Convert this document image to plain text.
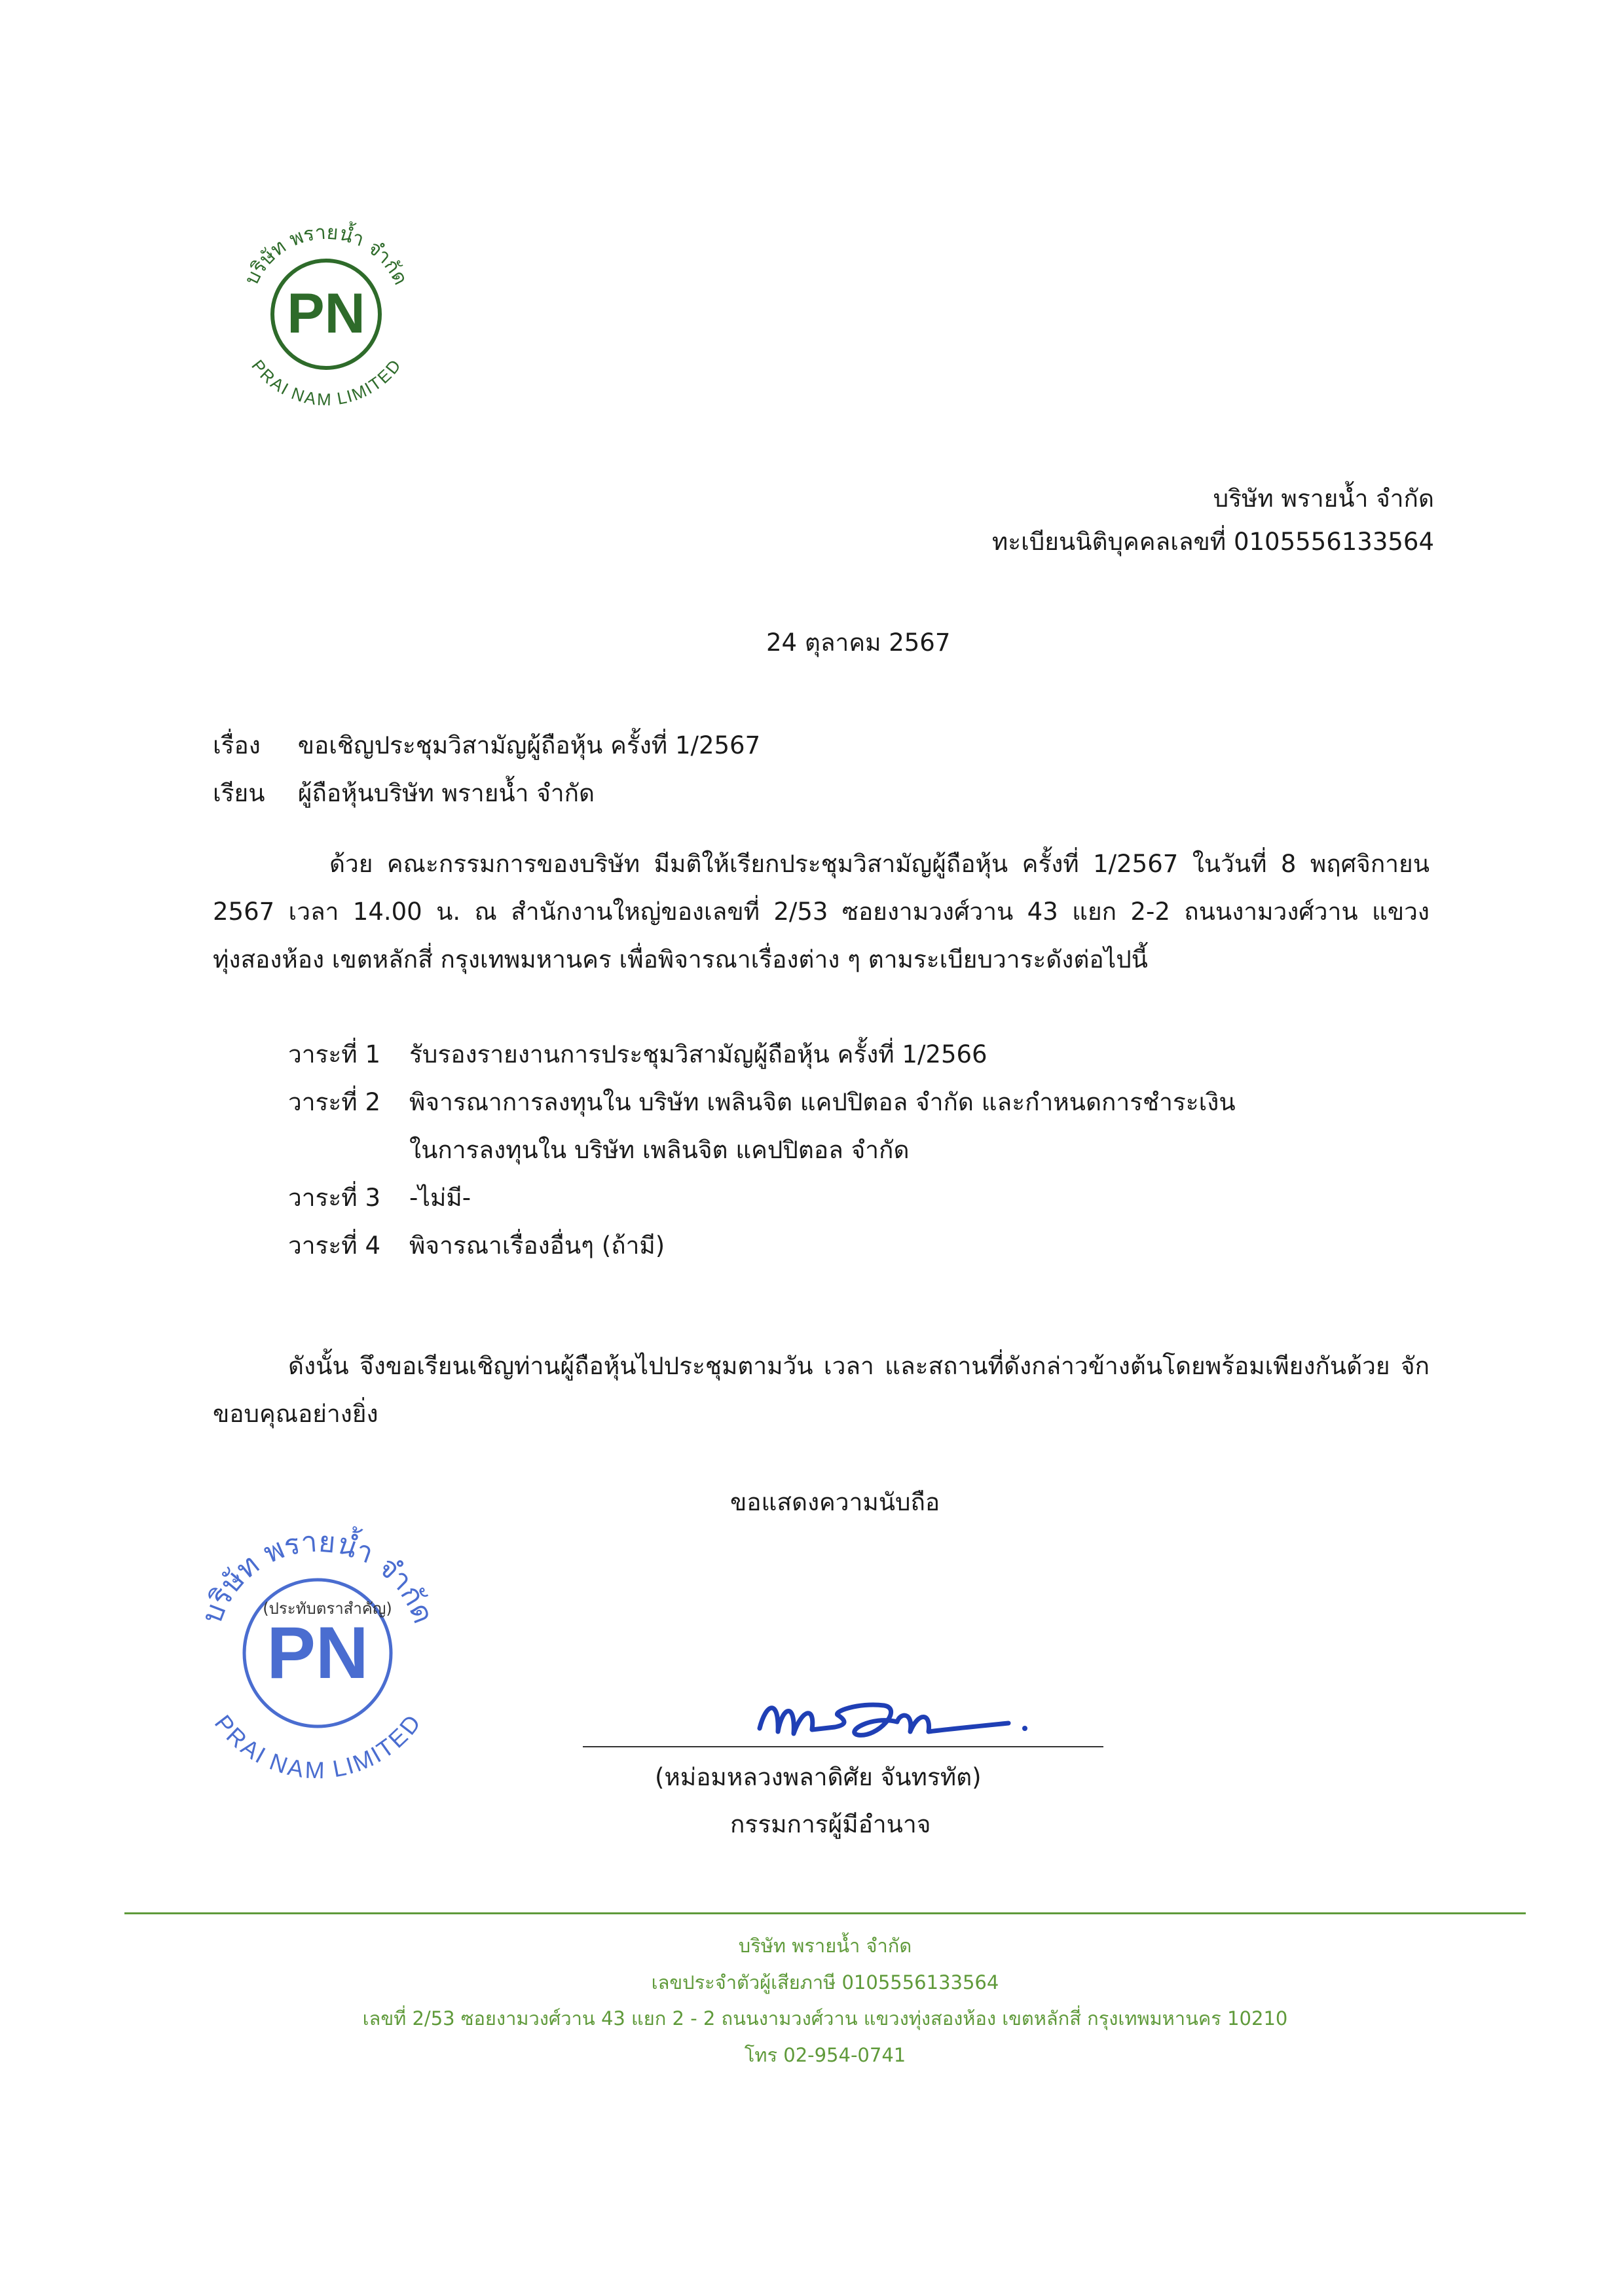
PN
บริษัท พรายน้ำ จำกัด
PRAI NAM LIMITED
บริษัท พรายน้ำ จำกัด
ทะเบียนนิติบุคคลเลขที่ 0105556133564
24 ตุลาคม 2567
เรื่อง ขอเชิญประชุมวิสามัญผู้ถือหุ้น ครั้งที่ 1/2567
เรียน ผู้ถือหุ้นบริษัท พรายน้ำ จำกัด
ด้วย คณะกรรมการของบริษัท มีมติให้เรียกประชุมวิสามัญผู้ถือหุ้น ครั้งที่ 1/2567 ในวันที่ 8 พฤศจิกายน 2567 เวลา 14.00 น. ณ สำนักงานใหญ่ของเลขที่ 2/53 ซอยงามวงศ์วาน 43 แยก 2-2 ถนนงามวงศ์วาน แขวงทุ่งสองห้อง เขตหลักสี่ กรุงเทพมหานคร เพื่อพิจารณาเรื่องต่าง ๆ ตามระเบียบวาระดังต่อไปนี้
วาระที่ 1	รับรองรายงานการประชุมวิสามัญผู้ถือหุ้น ครั้งที่ 1/2566
วาระที่ 2	พิจารณาการลงทุนใน บริษัท เพลินจิต แคปปิตอล จำกัด และกำหนดการชำระเงิน
ในการลงทุนใน บริษัท เพลินจิต แคปปิตอล จำกัด
วาระที่ 3	-ไม่มี-
วาระที่ 4	พิจารณาเรื่องอื่นๆ (ถ้ามี)
ดังนั้น จึงขอเรียนเชิญท่านผู้ถือหุ้นไปประชุมตามวัน เวลา และสถานที่ดังกล่าวข้างต้นโดยพร้อมเพียงกันด้วย จักขอบคุณอย่างยิ่ง
ขอแสดงความนับถือ
PN
บริษัท พรายน้ำ จำกัด
PRAI NAM LIMITED
(ประทับตราสำคัญ)
(หม่อมหลวงพลาดิศัย จันทรทัต)
กรรมการผู้มีอำนาจ
บริษัท พรายน้ำ จำกัด
เลขประจำตัวผู้เสียภาษี 0105556133564
เลขที่ 2/53 ซอยงามวงศ์วาน 43 แยก 2 - 2 ถนนงามวงศ์วาน แขวงทุ่งสองห้อง เขตหลักสี่ กรุงเทพมหานคร 10210
โทร 02-954-0741
